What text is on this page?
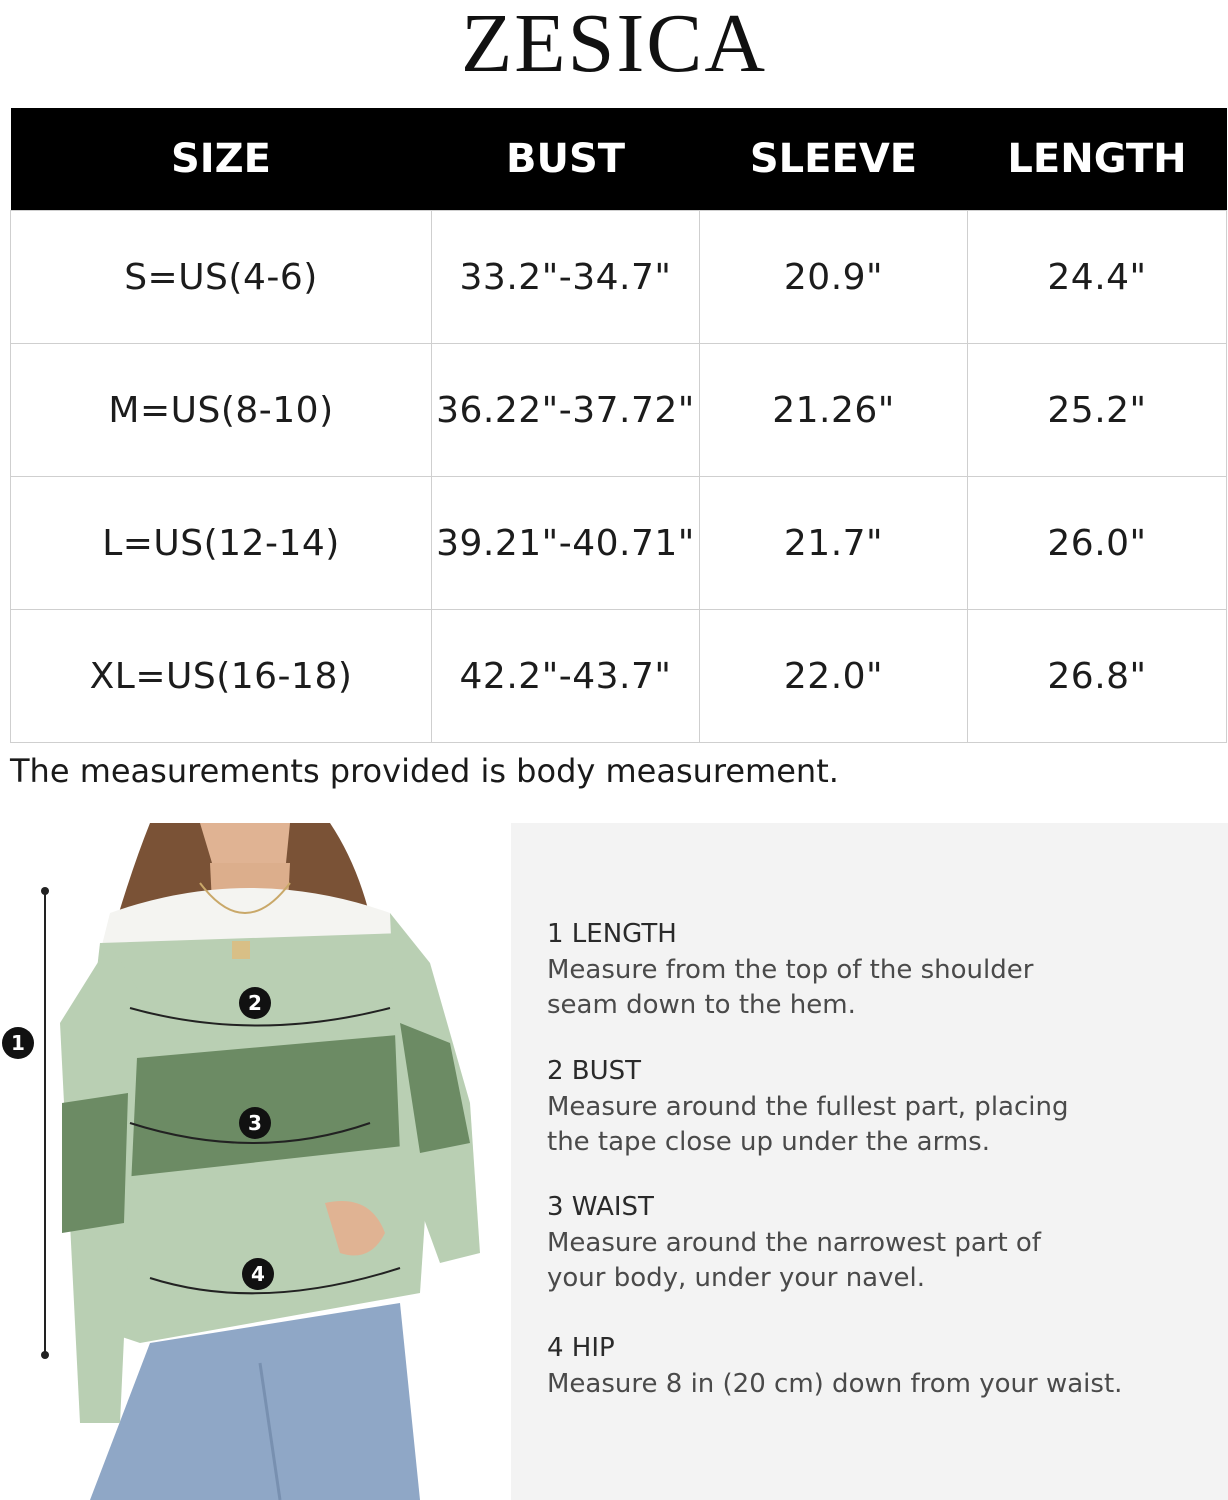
ZESICA
SIZE	BUST	SLEEVE	LENGTH
S=US(4-6)	33.2"-34.7"	20.9"	24.4"
M=US(8-10)	36.22"-37.72"	21.26"	25.2"
L=US(12-14)	39.21"-40.71"	21.7"	26.0"
XL=US(16-18)	42.2"-43.7"	22.0"	26.8"
The measurements provided is body measurement.
1
2
3
4

1 LENGTH

Measure from the top of the shoulder

seam down to the hem.

2 BUST

Measure around the fullest part, placing

the tape close up under the arms.

3 WAIST

Measure around the narrowest part of

your body, under your navel.

4 HIP

Measure 8 in (20 cm) down from your waist.
